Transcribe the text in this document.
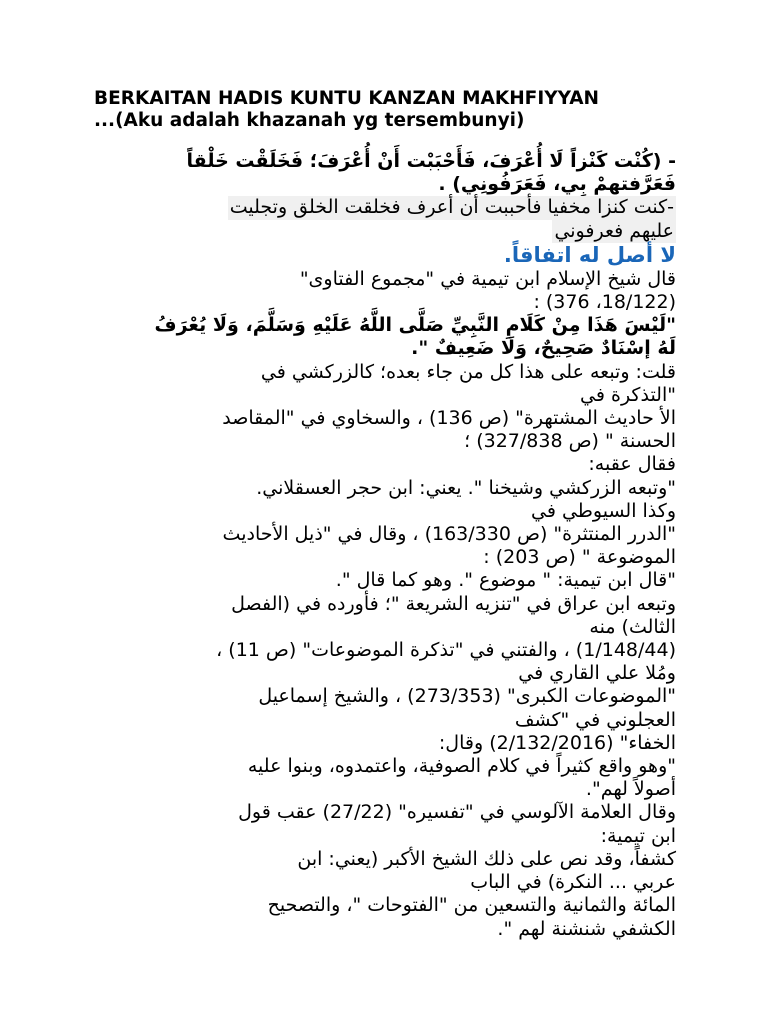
BERKAITAN HADIS KUNTU KANZAN MAKHFIYYAN
...(Aku adalah khazanah yg tersembunyi)
- (كُنْت كَنْزاً لَا أُعْرَفَ، فَأَحْبَبْت أَنْ أُعْرَفَ؛ فَخَلَقْت خَلْقاً
فَعَرَّفتهمْ بِي، فَعَرَفُونِي) .
-كنت كنزا مخفيا فأحببت أن أعرف فخلقت الخلق وتجليت
عليهم فعرفوني
لا أصل له اتفاقاً.
قال شيخ الإسلام ابن تيمية في "مجموع الفتاوى"
(18/122، 376) :
"لَيْسَ هَذَا مِنْ كَلَامِ النَّبِيِّ صَلَّى اللَّهُ عَلَيْهِ وَسَلَّمَ، وَلَا يُعْرَفُ
لَهُ إسْنَادٌ صَحِيحٌ، وَلَا ضَعِيفٌ ".
قلت: وتبعه على هذا كل من جاء بعده؛ كالزركشي في
"التذكرة في
الأ حاديث المشتهرة" (ص 136) ، والسخاوي في "المقاصد
الحسنة " (ص 327/838) ؛
فقال عقبه:
"وتبعه الزركشي وشيخنا ". يعني: ابن حجر العسقلاني.
وكذا السيوطي في
"الدرر المنتثرة" (ص 163/330) ، وقال في "ذيل الأحاديث
الموضوعة " (ص 203) :
"قال ابن تيمية: " موضوع ". وهو كما قال ".
وتبعه ابن عراق في "تنزيه الشريعة "؛ فأورده في (الفصل
الثالث) منه
(1/148/44) ، والفتني في "تذكرة الموضوعات" (ص 11) ،
ومُلا علي القاري في
"الموضوعات الكبرى" (273/353) ، والشيخ إسماعيل
العجلوني في "كشف
الخفاء" (2/132/2016) وقال:
"وهو واقع كثيراً في كلام الصوفية، واعتمدوه، وبنوا عليه
أصولاً لهم".
وقال العلامة الآلوسي في "تفسيره" (27/22) عقب قول
ابن تيمية:
كشفاً، وقد نص على ذلك الشيخ الأكبر (يعني: ابن
عربي ... النكرة) في الباب
المائة والثمانية والتسعين من "الفتوحات "، والتصحيح
الكشفي شنشنة لهم ".
